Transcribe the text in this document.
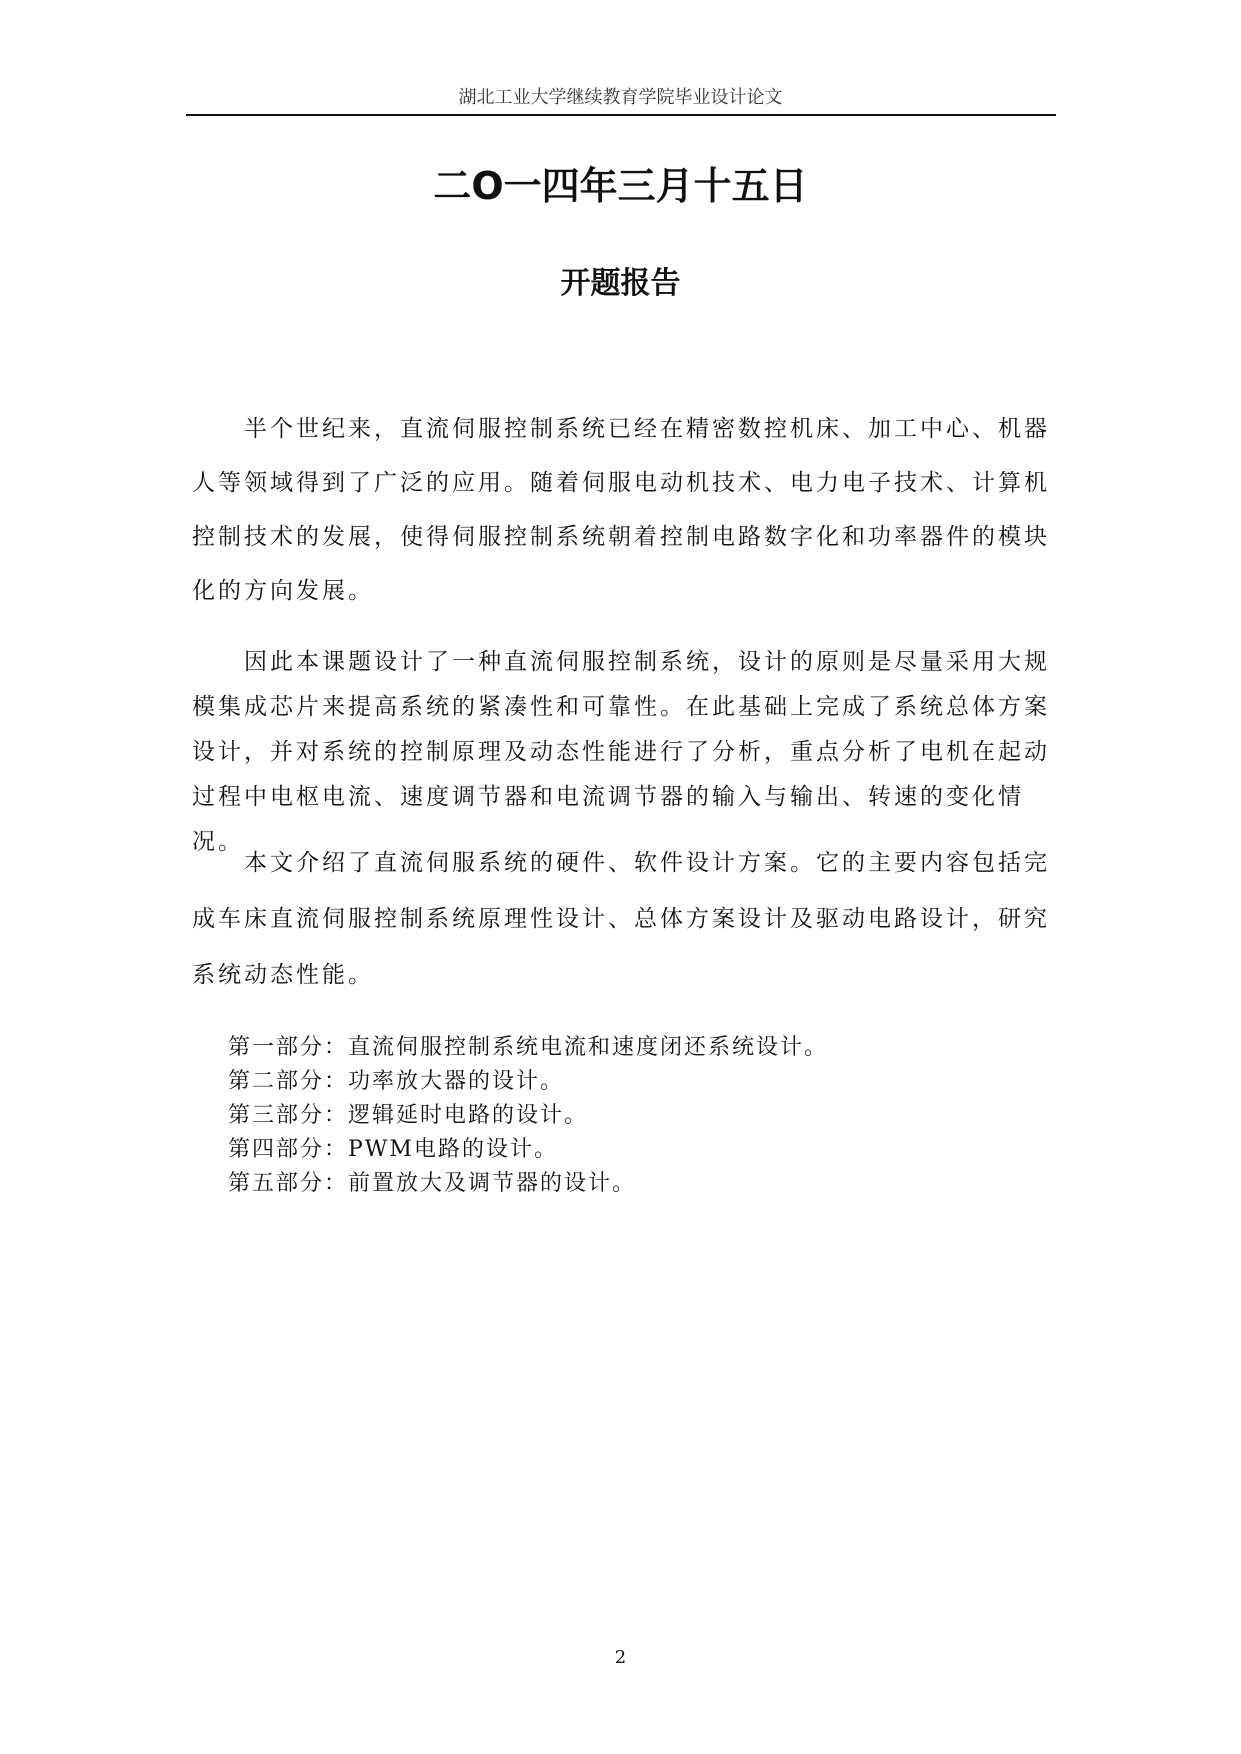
湖北工业大学继续教育学院毕业设计论文
二O一四年三月十五日
开题报告

半个世纪来，直流伺服控制系统已经在精密数控机床、加工中心、机器人等领域得到了广泛的应用。随着伺服电动机技术、电力电子技术、计算机控制技术的发展，使得伺服控制系统朝着控制电路数字化和功率器件的模块化的方向发展。

因此本课题设计了一种直流伺服控制系统，设计的原则是尽量采用大规模集成芯片来提高系统的紧凑性和可靠性。在此基础上完成了系统总体方案设计，并对系统的控制原理及动态性能进行了分析，重点分析了电机在起动过程中电枢电流、速度调节器和电流调节器的输入与输出、转速的变化情况。

本文介绍了直流伺服系统的硬件、软件设计方案。它的主要内容包括完成车床直流伺服控制系统原理性设计、总体方案设计及驱动电路设计，研究系统动态性能。

第一部分：直流伺服控制系统电流和速度闭还系统设计。
第二部分：功率放大器的设计。
第三部分：逻辑延时电路的设计。
第四部分：PWM电路的设计。
第五部分：前置放大及调节器的设计。
2
